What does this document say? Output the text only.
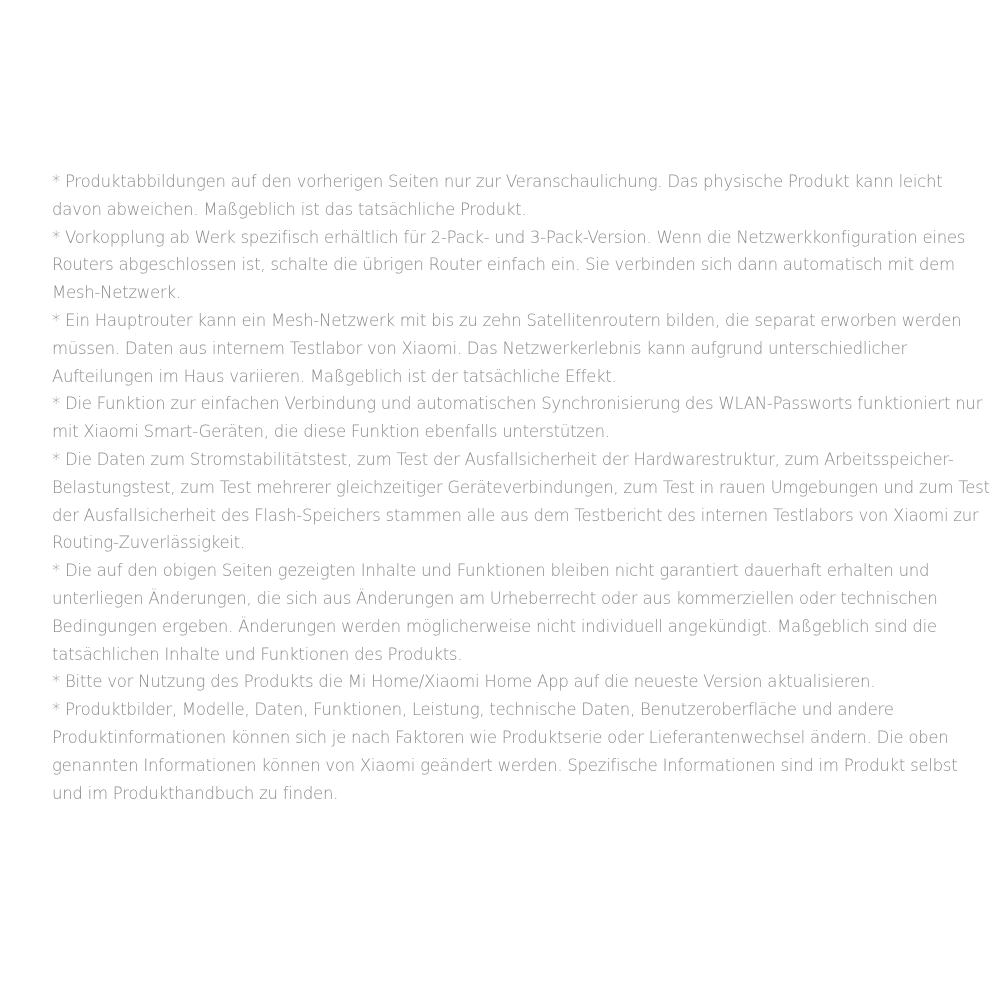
* Produktabbildungen auf den vorherigen Seiten nur zur Veranschaulichung. Das physische Produkt kann leicht davon abweichen. Maßgeblich ist das tatsächliche Produkt.

* Vorkopplung ab Werk spezifisch erhältlich für 2-Pack- und 3-Pack-Version. Wenn die Netzwerkkonfiguration eines Routers abgeschlossen ist, schalte die übrigen Router einfach ein. Sie verbinden sich dann automatisch mit dem Mesh-Netzwerk.

* Ein Hauptrouter kann ein Mesh-Netzwerk mit bis zu zehn Satellitenroutern bilden, die separat erworben werden müssen. Daten aus internem Testlabor von Xiaomi. Das Netzwerkerlebnis kann aufgrund unterschiedlicher Aufteilungen im Haus variieren. Maßgeblich ist der tatsächliche Effekt.

* Die Funktion zur einfachen Verbindung und automatischen Synchronisierung des WLAN-Passworts funktioniert nur mit Xiaomi Smart-Geräten, die diese Funktion ebenfalls unterstützen.

* Die Daten zum Stromstabilitätstest, zum Test der Ausfallsicherheit der Hardwarestruktur, zum Arbeitsspeicher-Belastungstest, zum Test mehrerer gleichzeitiger Geräteverbindungen, zum Test in rauen Umgebungen und zum Test der Ausfallsicherheit des Flash-Speichers stammen alle aus dem Testbericht des internen Testlabors von Xiaomi zur Routing-Zuverlässigkeit.

* Die auf den obigen Seiten gezeigten Inhalte und Funktionen bleiben nicht garantiert dauerhaft erhalten und unterliegen Änderungen, die sich aus Änderungen am Urheberrecht oder aus kommerziellen oder technischen Bedingungen ergeben. Änderungen werden möglicherweise nicht individuell angekündigt. Maßgeblich sind die tatsächlichen Inhalte und Funktionen des Produkts.

* Bitte vor Nutzung des Produkts die Mi Home/Xiaomi Home App auf die neueste Version aktualisieren.

* Produktbilder, Modelle, Daten, Funktionen, Leistung, technische Daten, Benutzeroberfläche und andere Produktinformationen können sich je nach Faktoren wie Produktserie oder Lieferantenwechsel ändern. Die oben genannten Informationen können von Xiaomi geändert werden. Spezifische Informationen sind im Produkt selbst und im Produkthandbuch zu finden.
